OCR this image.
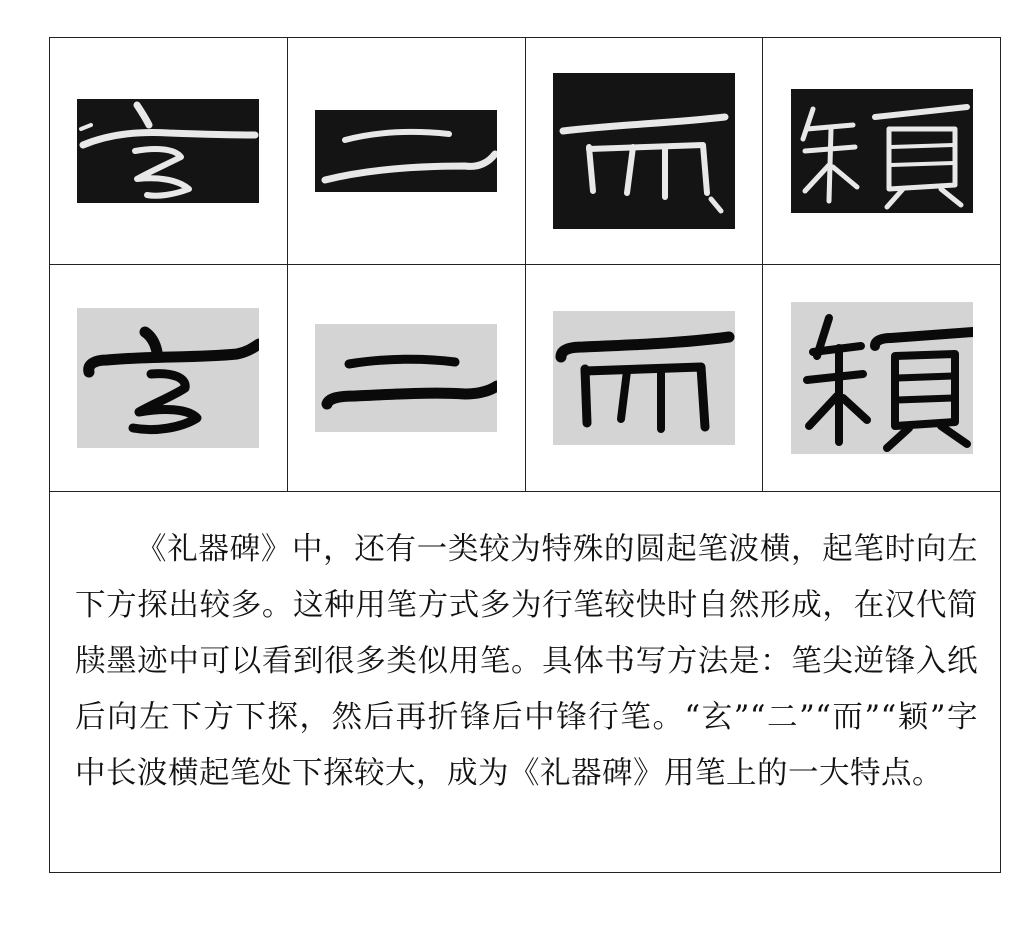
《礼器碑》中，还有一类较为特殊的圆起笔波横，起笔时向左下方探出较多。这种用笔方式多为行笔较快时自然形成，在汉代简牍墨迹中可以看到很多类似用笔。具体书写方法是：笔尖逆锋入纸后向左下方下探，然后再折锋后中锋行笔。“玄”“二”“而”“颖”字中长波横起笔处下探较大，成为《礼器碑》用笔上的一大特点。			
